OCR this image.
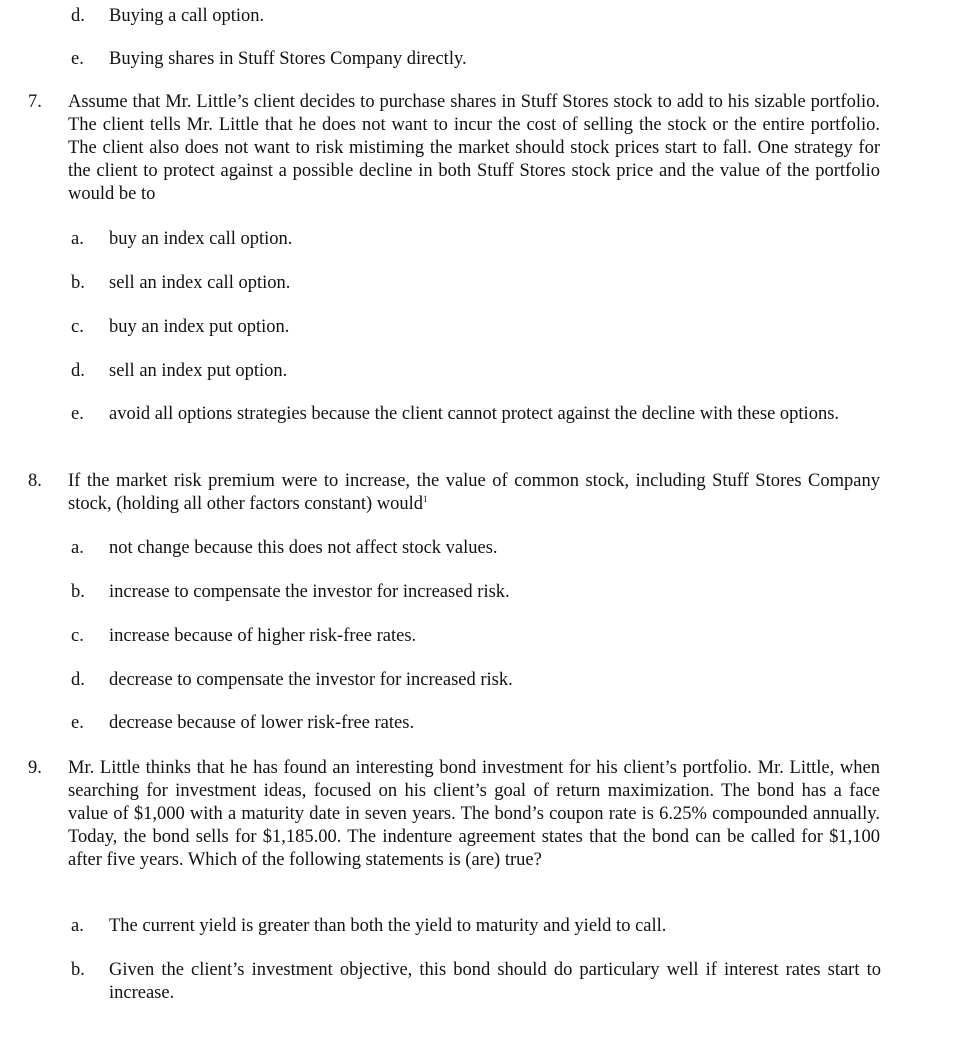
d. Buying a call option.
e. Buying shares in Stuff Stores Company directly.
7. Assume that Mr. Little’s client decides to purchase shares in Stuff Stores stock to add to his sizable portfolio. The client tells Mr. Little that he does not want to incur the cost of selling the stock or the entire portfolio. The client also does not want to risk mistiming the market should stock prices start to fall. One strategy for the client to protect against a possible decline in both Stuff Stores stock price and the value of the portfolio would be to
a. buy an index call option.
b. sell an index call option.
c. buy an index put option.
d. sell an index put option.
e. avoid all options strategies because the client cannot protect against the decline with these options.
8. If the market risk premium were to increase, the value of common stock, including Stuff Stores Company stock, (holding all other factors constant) would$^1$
a. not change because this does not affect stock values.
b. increase to compensate the investor for increased risk.
c. increase because of higher risk-free rates.
d. decrease to compensate the investor for increased risk.
e. decrease because of lower risk-free rates.
9. Mr. Little thinks that he has found an interesting bond investment for his client’s portfolio. Mr. Little, when searching for investment ideas, focused on his client’s goal of return maximization. The bond has a face value of $1,000 with a maturity date in seven years. The bond’s coupon rate is 6.25% compounded annually. Today, the bond sells for $1,185.00. The indenture agreement states that the bond can be called for $1,100 after five years. Which of the following statements is (are) true?
a. The current yield is greater than both the yield to maturity and yield to call.
b. Given the client’s investment objective, this bond should do particulary well if interest rates start to increase.
